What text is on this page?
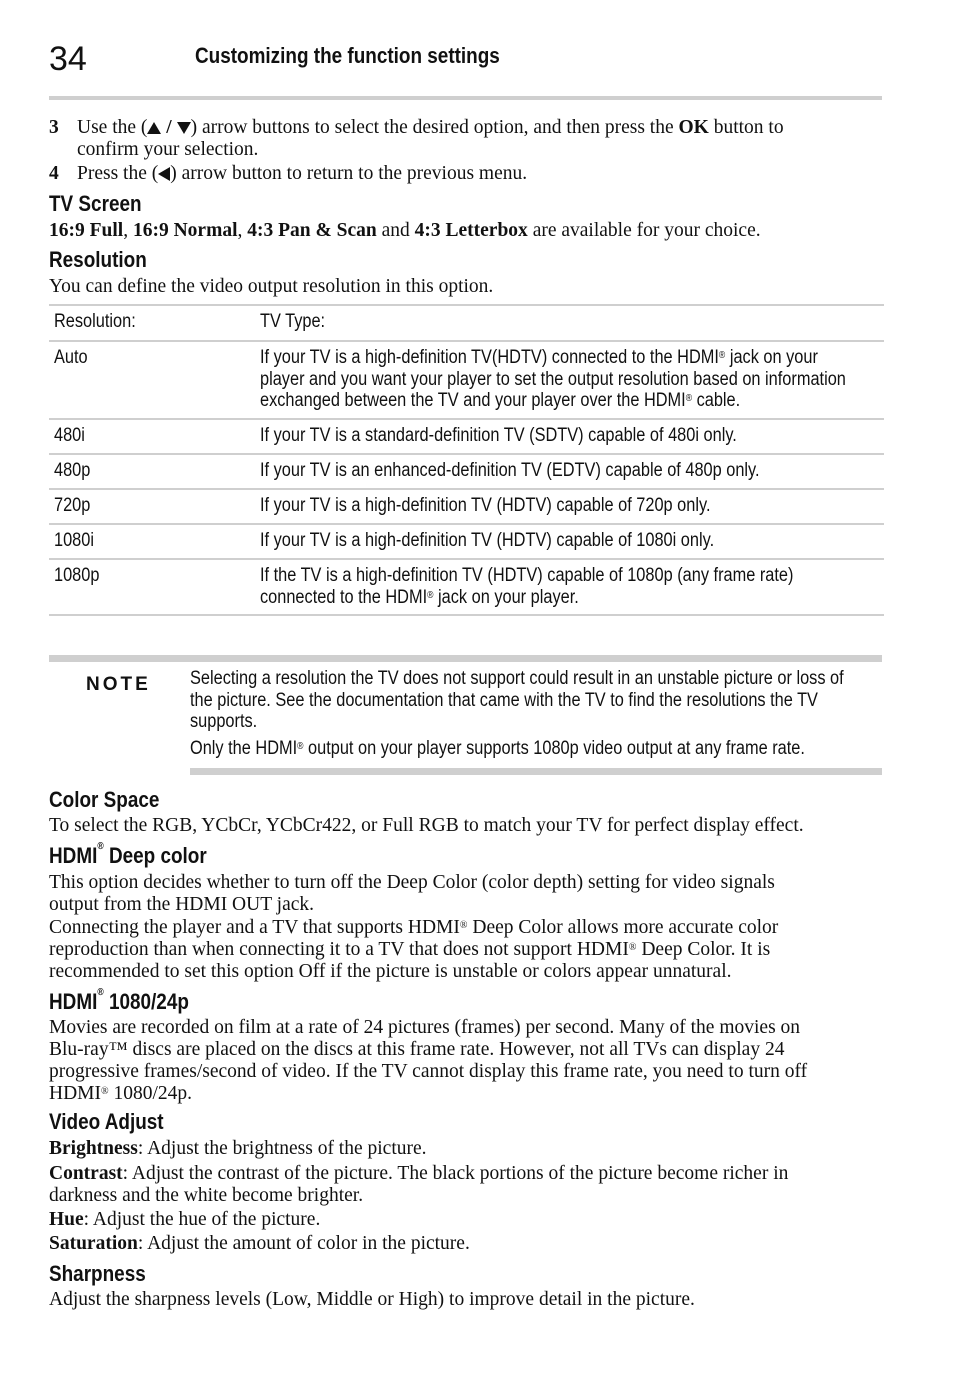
34	Customizing the function settings
3 Use the ( / ) arrow buttons to select the desired option, and then press the OK button to
confirm your selection.
4 Press the ( ) arrow button to return to the previous menu.
TV Screen
16:9 Full, 16:9 Normal, 4:3 Pan & Scan and 4:3 Letterbox are available for your choice.
Resolution
You can define the video output resolution in this option.
Resolution:	TV Type:
Auto	If your TV is a high-definition TV(HDTV) connected to the HDMI® jack on your
player and you want your player to set the output resolution based on information
exchanged between the TV and your player over the HDMI® cable.
480i	If your TV is a standard-definition TV (SDTV) capable of 480i only.
480p	If your TV is an enhanced-definition TV (EDTV) capable of 480p only.
720p	If your TV is a high-definition TV (HDTV) capable of 720p only.
1080i	If your TV is a high-definition TV (HDTV) capable of 1080i only.
1080p	If the TV is a high-definition TV (HDTV) capable of 1080p (any frame rate)
connected to the HDMI® jack on your player.
NOTE Selecting a resolution the TV does not support could result in an unstable picture or loss of
the picture. See the documentation that came with the TV to find the resolutions the TV
supports.
Only the HDMI® output on your player supports 1080p video output at any frame rate.
Color Space
To select the RGB, YCbCr, YCbCr422, or Full RGB to match your TV for perfect display effect.
HDMI® Deep color
This option decides whether to turn off the Deep Color (color depth) setting for video signals
output from the HDMI OUT jack.
Connecting the player and a TV that supports HDMI® Deep Color allows more accurate color
reproduction than when connecting it to a TV that does not support HDMI® Deep Color. It is
recommended to set this option Off if the picture is unstable or colors appear unnatural.
HDMI® 1080/24p
Movies are recorded on film at a rate of 24 pictures (frames) per second. Many of the movies on
Blu-ray™ discs are placed on the discs at this frame rate. However, not all TVs can display 24
progressive frames/second of video. If the TV cannot display this frame rate, you need to turn off
HDMI® 1080/24p.
Video Adjust
Brightness: Adjust the brightness of the picture.
Contrast: Adjust the contrast of the picture. The black portions of the picture become richer in
darkness and the white become brighter.
Hue: Adjust the hue of the picture.
Saturation: Adjust the amount of color in the picture.
Sharpness
Adjust the sharpness levels (Low, Middle or High) to improve detail in the picture.
